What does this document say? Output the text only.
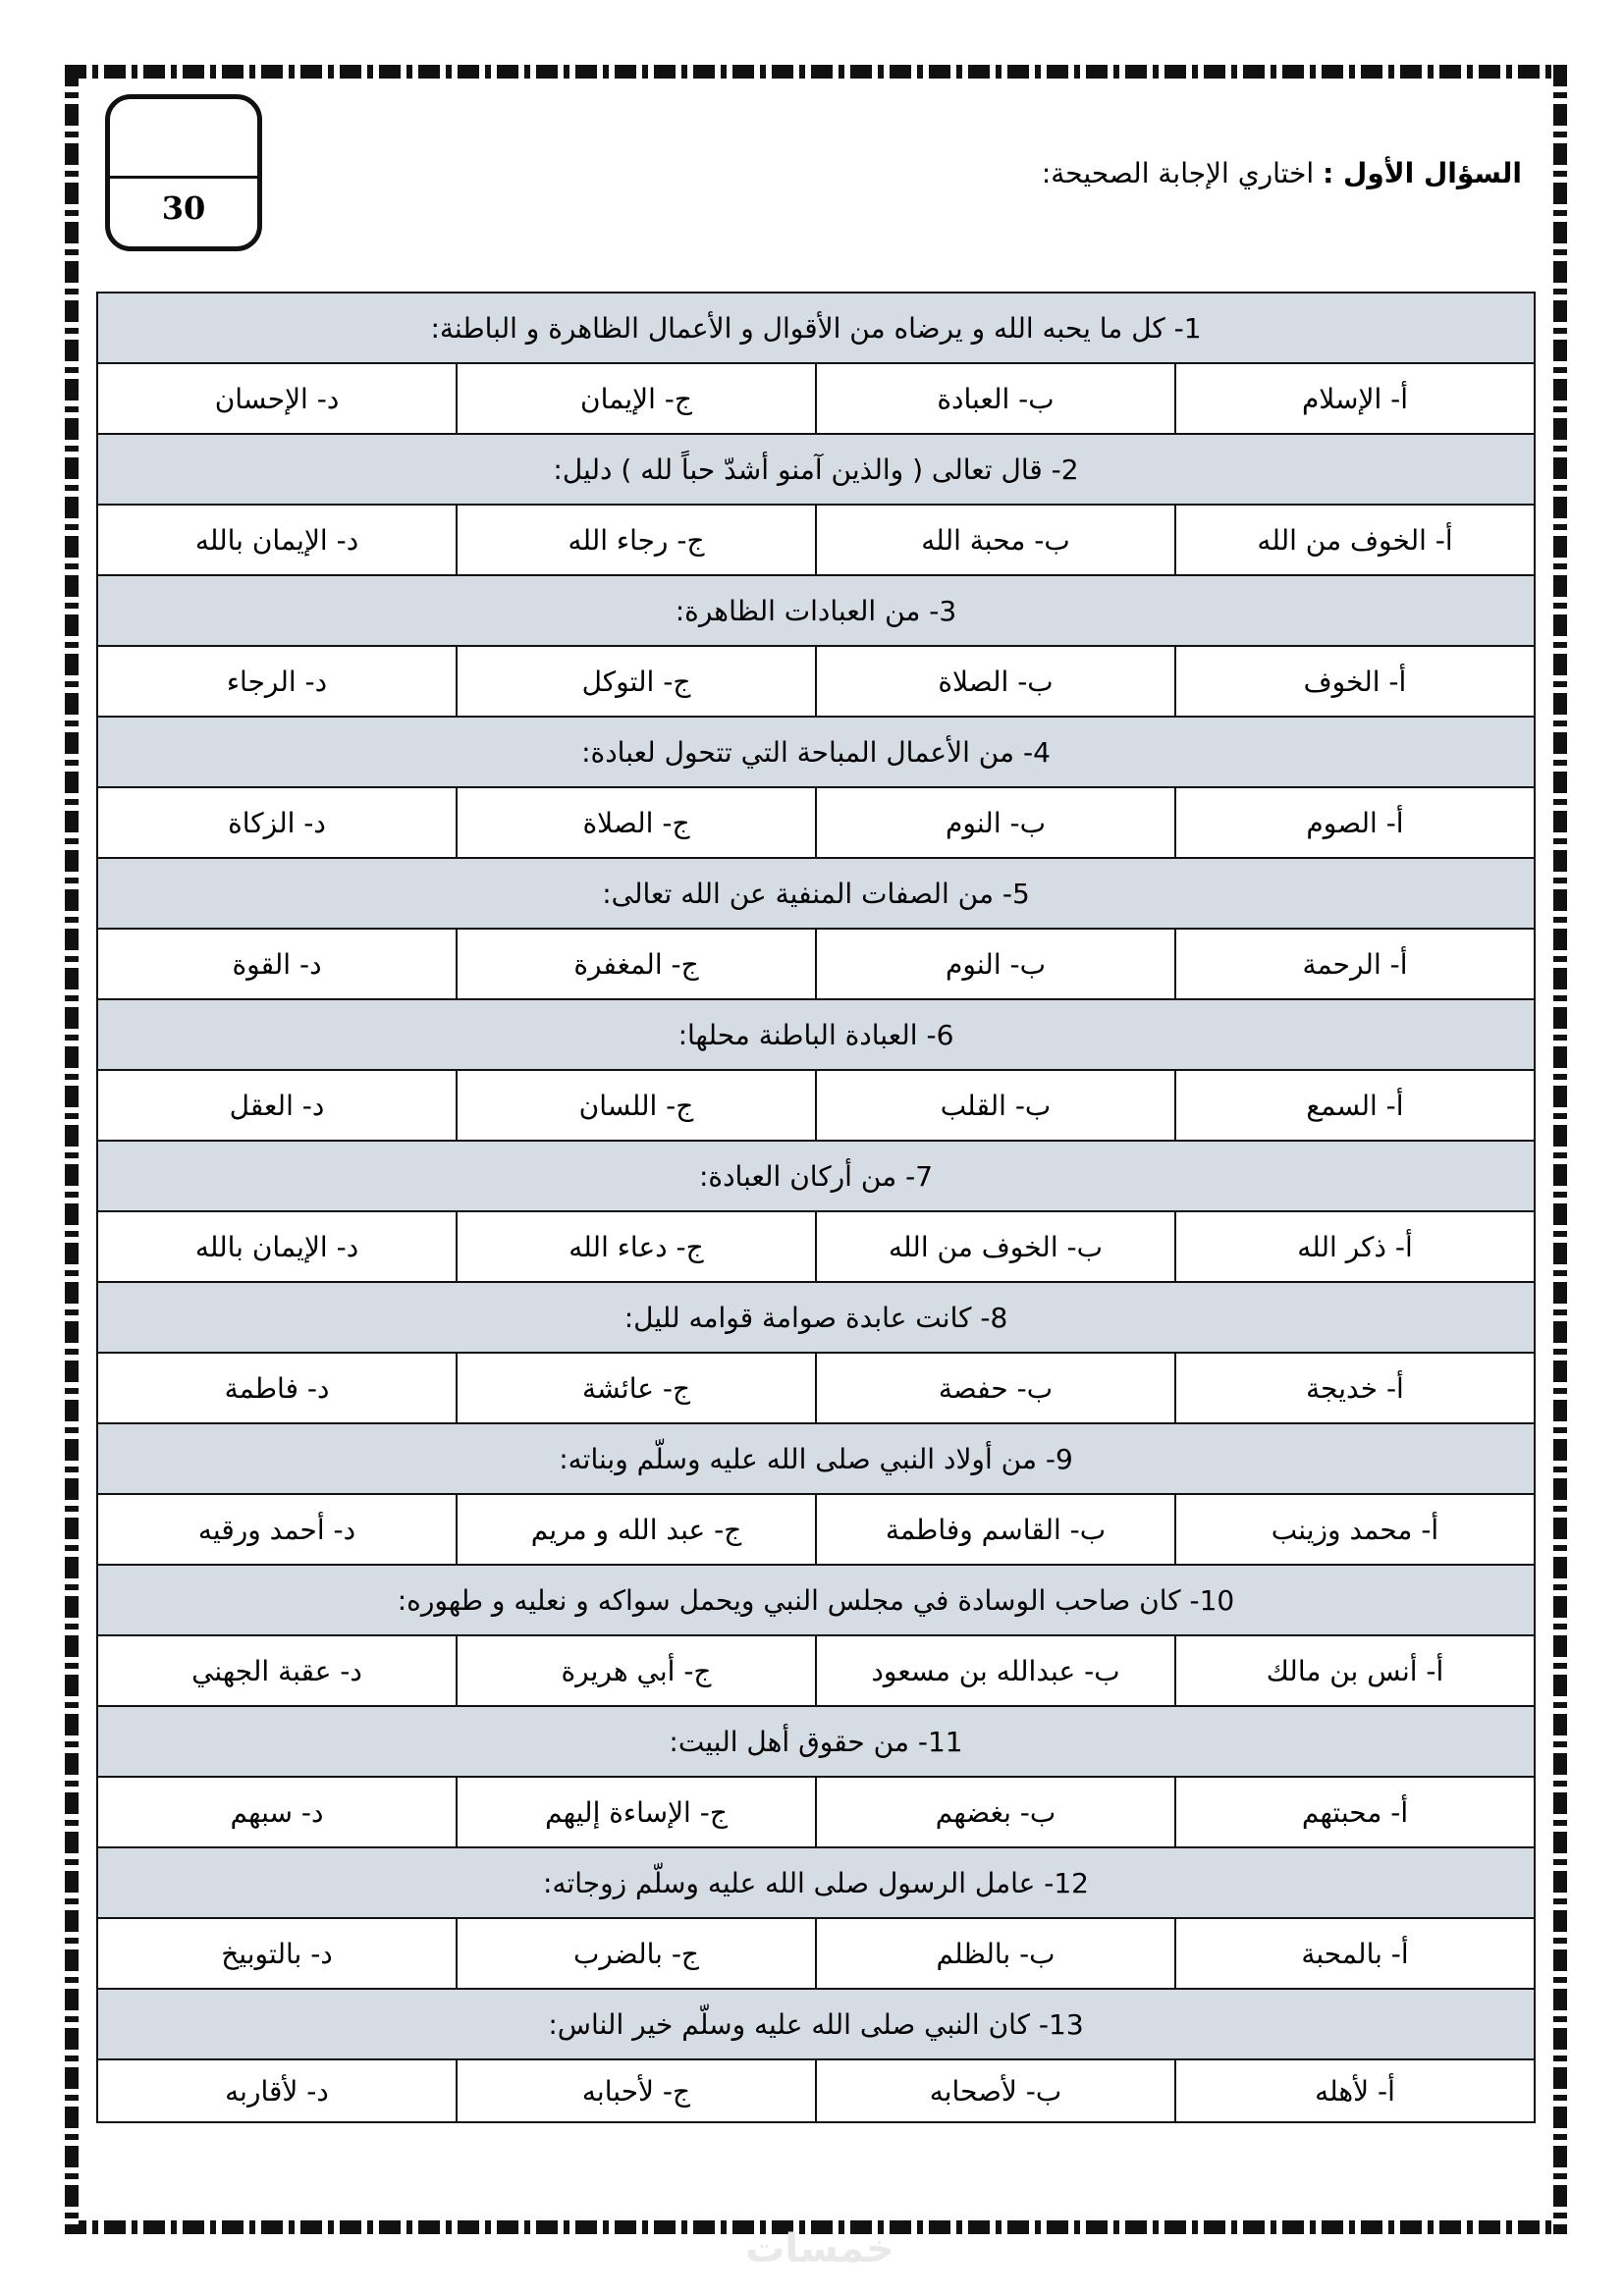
30
السؤال الأول : اختاري الإجابة الصحيحة:
1- كل ما يحبه الله و يرضاه من الأقوال و الأعمال الظاهرة و الباطنة:			
أ- الإسلام	ب- العبادة	ج- الإيمان	د- الإحسان
2- قال تعالى ( والذين آمنو أشدّ حباً لله ) دليل:			
أ- الخوف من الله	ب- محبة الله	ج- رجاء الله	د- الإيمان بالله
3- من العبادات الظاهرة:			
أ- الخوف	ب- الصلاة	ج- التوكل	د- الرجاء
4- من الأعمال المباحة التي تتحول لعبادة:			
أ- الصوم	ب- النوم	ج- الصلاة	د- الزكاة
5- من الصفات المنفية عن الله تعالى:			
أ- الرحمة	ب- النوم	ج- المغفرة	د- القوة
6- العبادة الباطنة محلها:			
أ- السمع	ب- القلب	ج- اللسان	د- العقل
7- من أركان العبادة:			
أ- ذكر الله	ب- الخوف من الله	ج- دعاء الله	د- الإيمان بالله
8- كانت عابدة صوامة قوامه لليل:			
أ- خديجة	ب- حفصة	ج- عائشة	د- فاطمة
9- من أولاد النبي صلى الله عليه وسلّم وبناته:			
أ- محمد وزينب	ب- القاسم وفاطمة	ج- عبد الله و مريم	د- أحمد ورقيه
10- كان صاحب الوسادة في مجلس النبي ويحمل سواكه و نعليه و طهوره:			
أ- أنس بن مالك	ب- عبدالله بن مسعود	ج- أبي هريرة	د- عقبة الجهني
11- من حقوق أهل البيت:			
أ- محبتهم	ب- بغضهم	ج- الإساءة إليهم	د- سبهم
12- عامل الرسول صلى الله عليه وسلّم زوجاته:			
أ- بالمحبة	ب- بالظلم	ج- بالضرب	د- بالتوبيخ
13- كان النبي صلى الله عليه وسلّم خير الناس:			
أ- لأهله	ب- لأصحابه	ج- لأحبابه	د- لأقاربه
خمسات
